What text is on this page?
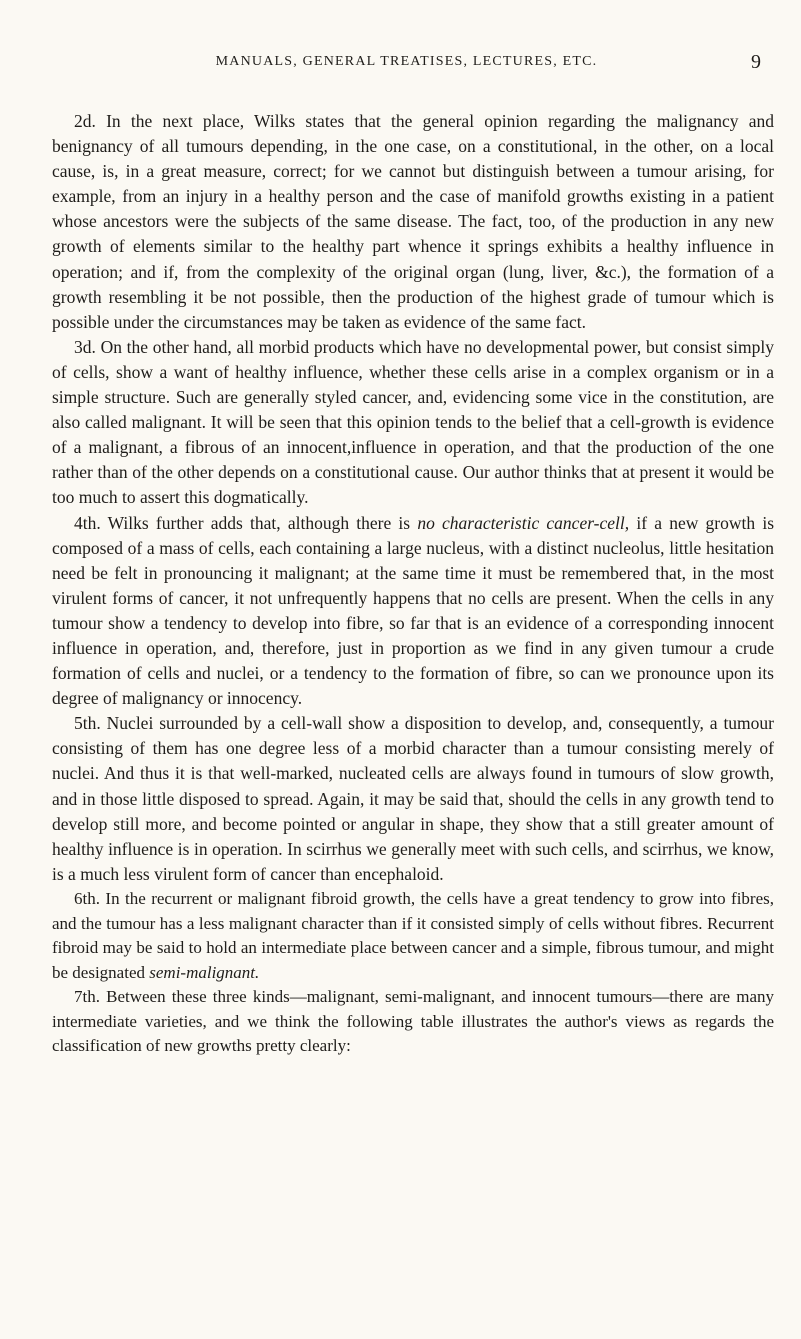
MANUALS, GENERAL TREATISES, LECTURES, ETC.	9

2d. In the next place, Wilks states that the general opinion regarding the malignancy and benignancy of all tumours depending, in the one case, on a constitutional, in the other, on a local cause, is, in a great measure, correct; for we cannot but distinguish between a tumour arising, for example, from an injury in a healthy person and the case of manifold growths existing in a patient whose ancestors were the subjects of the same disease. The fact, too, of the production in any new growth of elements similar to the healthy part whence it springs exhibits a healthy influence in operation; and if, from the complexity of the original organ (lung, liver, &c.), the formation of a growth resembling it be not possible, then the production of the highest grade of tumour which is possible under the circumstances may be taken as evidence of the same fact.

3d. On the other hand, all morbid products which have no developmental power, but consist simply of cells, show a want of healthy influence, whether these cells arise in a complex organism or in a simple structure. Such are generally styled cancer, and, evidencing some vice in the constitution, are also called malignant. It will be seen that this opinion tends to the belief that a cell-growth is evidence of a malignant, a fibrous of an innocent,influence in operation, and that the production of the one rather than of the other depends on a constitutional cause. Our author thinks that at present it would be too much to assert this dogmatically.

4th. Wilks further adds that, although there is no characteristic cancer-cell, if a new growth is composed of a mass of cells, each containing a large nucleus, with a distinct nucleolus, little hesitation need be felt in pronouncing it malignant; at the same time it must be remembered that, in the most virulent forms of cancer, it not unfrequently happens that no cells are present. When the cells in any tumour show a tendency to develop into fibre, so far that is an evidence of a corresponding innocent influence in operation, and, therefore, just in proportion as we find in any given tumour a crude formation of cells and nuclei, or a tendency to the formation of fibre, so can we pronounce upon its degree of malignancy or innocency.

5th. Nuclei surrounded by a cell-wall show a disposition to develop, and, consequently, a tumour consisting of them has one degree less of a morbid character than a tumour consisting merely of nuclei. And thus it is that well-marked, nucleated cells are always found in tumours of slow growth, and in those little disposed to spread. Again, it may be said that, should the cells in any growth tend to develop still more, and become pointed or angular in shape, they show that a still greater amount of healthy influence is in operation. In scirrhus we generally meet with such cells, and scirrhus, we know, is a much less virulent form of cancer than encephaloid.

6th. In the recurrent or malignant fibroid growth, the cells have a great tendency to grow into fibres, and the tumour has a less malignant character than if it consisted simply of cells without fibres. Recurrent fibroid may be said to hold an intermediate place between cancer and a simple, fibrous tumour, and might be designated semi-malignant.

7th. Between these three kinds—malignant, semi-malignant, and innocent tumours—there are many intermediate varieties, and we think the following table illustrates the author's views as regards the classification of new growths pretty clearly:
